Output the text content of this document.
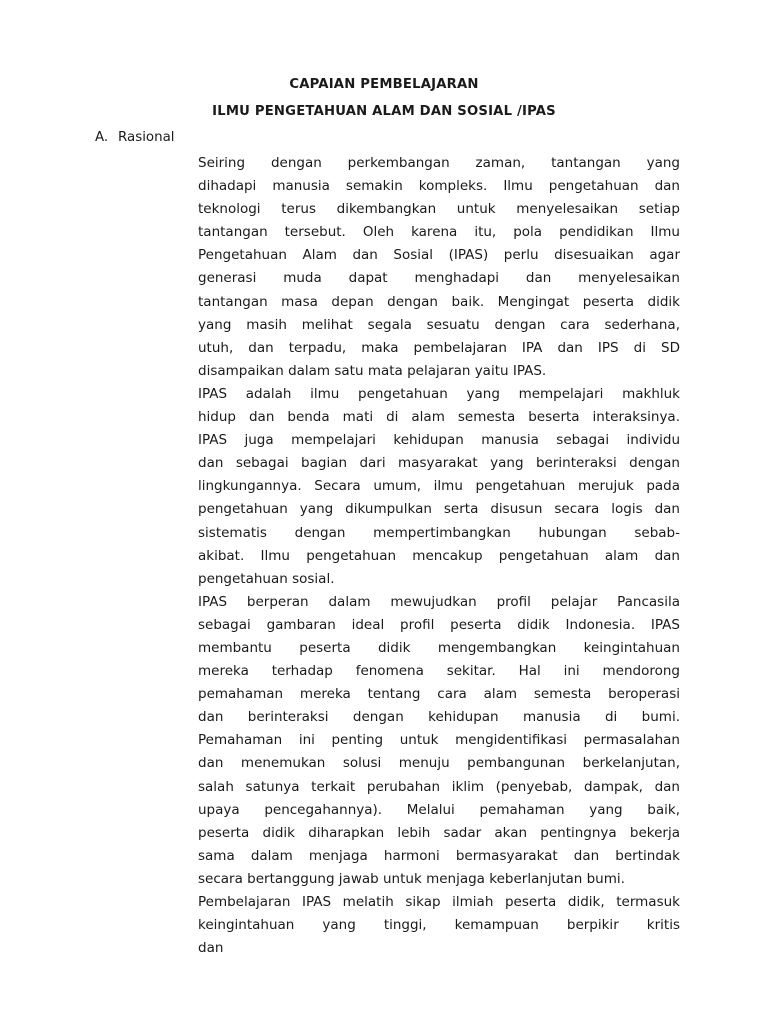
CAPAIAN PEMBELAJARAN
ILMU PENGETAHUAN ALAM DAN SOSIAL /IPAS
A. Rasional
Seiring dengan perkembangan zaman, tantangan yang
dihadapi manusia semakin kompleks. Ilmu pengetahuan dan
teknologi terus dikembangkan untuk menyelesaikan setiap
tantangan tersebut. Oleh karena itu, pola pendidikan Ilmu
Pengetahuan Alam dan Sosial (IPAS) perlu disesuaikan agar
generasi muda dapat menghadapi dan menyelesaikan
tantangan masa depan dengan baik. Mengingat peserta didik
yang masih melihat segala sesuatu dengan cara sederhana,
utuh, dan terpadu, maka pembelajaran IPA dan IPS di SD
disampaikan dalam satu mata pelajaran yaitu IPAS.
IPAS adalah ilmu pengetahuan yang mempelajari makhluk
hidup dan benda mati di alam semesta beserta interaksinya.
IPAS juga mempelajari kehidupan manusia sebagai individu
dan sebagai bagian dari masyarakat yang berinteraksi dengan
lingkungannya. Secara umum, ilmu pengetahuan merujuk pada
pengetahuan yang dikumpulkan serta disusun secara logis dan
sistematis dengan mempertimbangkan hubungan sebab-
akibat. Ilmu pengetahuan mencakup pengetahuan alam dan
pengetahuan sosial.
IPAS berperan dalam mewujudkan profil pelajar Pancasila
sebagai gambaran ideal profil peserta didik Indonesia. IPAS
membantu peserta didik mengembangkan keingintahuan
mereka terhadap fenomena sekitar. Hal ini mendorong
pemahaman mereka tentang cara alam semesta beroperasi
dan berinteraksi dengan kehidupan manusia di bumi.
Pemahaman ini penting untuk mengidentifikasi permasalahan
dan menemukan solusi menuju pembangunan berkelanjutan,
salah satunya terkait perubahan iklim (penyebab, dampak, dan
upaya pencegahannya). Melalui pemahaman yang baik,
peserta didik diharapkan lebih sadar akan pentingnya bekerja
sama dalam menjaga harmoni bermasyarakat dan bertindak
secara bertanggung jawab untuk menjaga keberlanjutan bumi.
Pembelajaran IPAS melatih sikap ilmiah peserta didik, termasuk
keingintahuan yang tinggi, kemampuan berpikir kritis
dan
